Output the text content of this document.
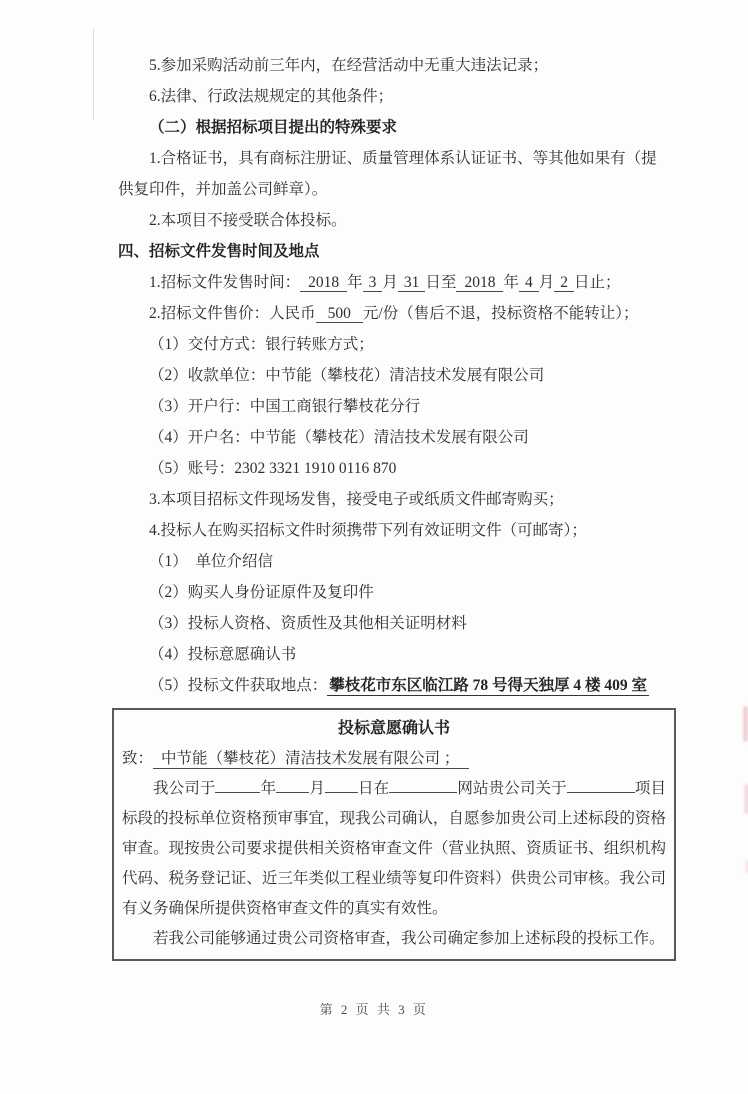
5.参加采购活动前三年内，在经营活动中无重大违法记录；

6.法律、行政法规规定的其他条件；

（二）根据招标项目提出的特殊要求

1.合格证书，具有商标注册证、质量管理体系认证证书、等其他如果有（提供复印件，并加盖公司鲜章）。

2.本项目不接受联合体投标。

四、招标文件发售时间及地点

1.招标文件发售时间： 2018 年 3 月 31 日至 2018 年 4 月 2 日止；

2.招标文件售价：人民币 500 元/份（售后不退，投标资格不能转让）；

（1）交付方式：银行转账方式；

（2）收款单位：中节能（攀枝花）清洁技术发展有限公司

（3）开户行：中国工商银行攀枝花分行

（4）开户名：中节能（攀枝花）清洁技术发展有限公司

（5）账号：2302 3321 1910 0116 870

3.本项目招标文件现场发售，接受电子或纸质文件邮寄购买；

4.投标人在购买招标文件时须携带下列有效证明文件（可邮寄）；

（1）　单位介绍信

（2）购买人身份证原件及复印件

（3）投标人资格、资质性及其他相关证明材料

（4）投标意愿确认书

（5）投标文件获取地点： 攀枝花市东区临江路 78 号得天独厚 4 楼 409 室

投标意愿确认书

致： 中节能（攀枝花）清洁技术发展有限公司 ；

我公司于	年 月 日在	网站贵公司关于	项目标段的投标单位资格预审事宜，现我公司确认，自愿参加贵公司上述标段的资格审查。现按贵公司要求提供相关资格审查文件（营业执照、资质证书、组织机构代码、税务登记证、近三年类似工程业绩等复印件资料）供贵公司审核。我公司有义务确保所提供资格审查文件的真实有效性。

若我公司能够通过贵公司资格审查，我公司确定参加上述标段的投标工作。

第 2 页 共 3 页
